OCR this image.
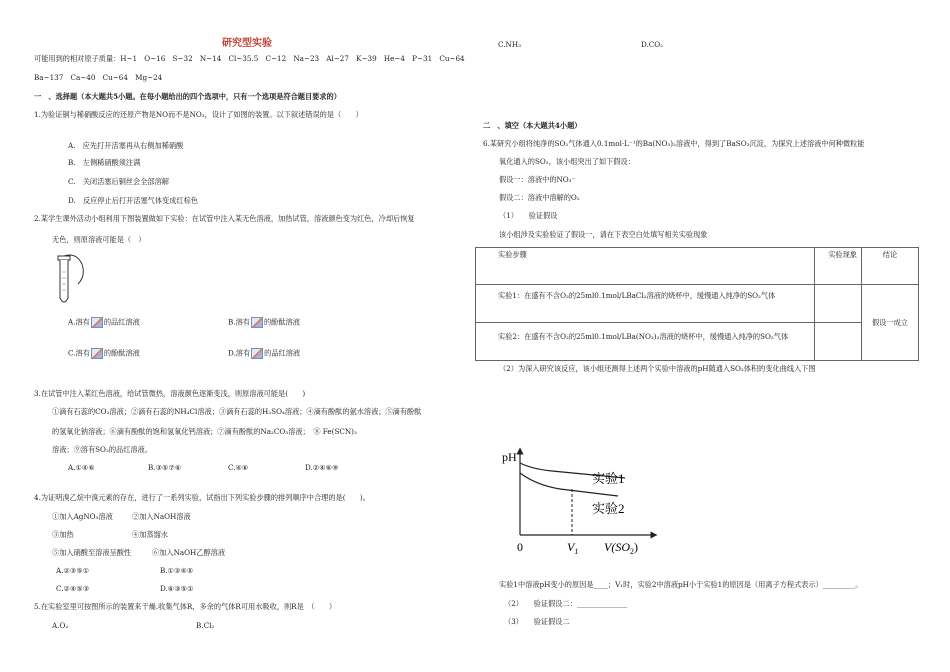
研究型实验
可能用到的相对原子质量：H~1　O~16　S~32　N~14　Cl~35.5　C~12　Na~23　Al~27　K~39　He~4　P~31　Cu~64
Ba~137　Ca~40　Cu~64　Mg~24
一　、选择题（本大题共5小题。在每小题给出的四个选项中，只有一个选项是符合题目要求的）
1.为验证铜与稀硝酸反应的还原产物是NO而不是NO₂，设计了如图的装置。以下叙述错误的是（　　）
A.　应先打开活塞再从右侧加稀硝酸
B.　左侧稀硝酸须注满
C.　关闭活塞后铜丝会全部溶解
D.　反应停止后打开活塞气体变成红棕色
2.某学生课外活动小组利用下图装置做如下实验：在试管中注入某无色溶液，加热试管，溶液颜色变为红色，冷却后恢复
无色，则原溶液可能是（　）
A.溶有 的品红溶液	B.溶有 的酚酞溶液
C.溶有 的酚酞溶液	D.溶有 的品红溶液
3.在试管中注入某红色溶液，给试管微热，溶液颜色逐渐变浅，则原溶液可能是(　　)
①滴有石蕊的CO₂溶液；②滴有石蕊的NH₄Cl溶液；③滴有石蕊的H₂SO₄溶液；④滴有酚酞的氨水溶液；⑤滴有酚酞
的氢氧化钠溶液；⑥滴有酚酞的饱和氢氧化钙溶液；⑦滴有酚酞的Na₂CO₃溶液；　⑧ Fe(SCN)₃
溶液；⑨溶有SO₂的品红溶液。
A.①④⑥	B.③⑤⑦⑥	C.④⑥	D.②④⑥⑨
4.为证明溴乙烷中溴元素的存在，进行了一系列实验，试指出下列实验步骤的排列顺序中合理的是(　　)。
①加入AgNO₃溶液	②加入NaOH溶液
③加热	④加蒸馏水
⑤加入硝酸至溶液呈酸性	⑥加入NaOH乙醇溶液
A.②③⑤①	B.①③④⑤
C.②④⑤③	D.⑥③⑤①
5.在实验室里可按图所示的装置来干燥.收集气体R，多余的气体R可用水吸收，则R是　（　　）
A.O₂	B.Cl₂
C.NH₃	D.CO₂
二　、填空（本大题共4小题）
6.某研究小组将纯净的SO₂气体通入0.1mol·L⁻¹的Ba(NO₃)₂溶液中，得到了BaSO₃沉淀，为探究上述溶液中何种微粒能
氧化通入的SO₂，该小组突出了如下假设：
假设一：溶液中的NO₃⁻
假设二：溶液中溶解的O₂
（1）　　验证假设
该小组涉及实验验证了假设一，请在下表空白处填写相关实验现象
实验步骤	实验现象	结论

实验1：在盛有不含O₂的25ml0.1mol/LBaCl₂溶液的烧杯中，缓慢通入纯净的SO₂气体		假设一成立

实验2：在盛有不含O₂的25ml0.1mol/LBa(NO₃)₂溶液的烧杯中，缓慢通入纯净的SO₂气体		

（2）为深入研究该反应，该小组还测得上述两个实验中溶液的pH随通入SO₂体积的变化曲线入下图
pH
实验1
实验2
0	$V_1$ $V(SO_2)$
实验1中溶液pH变小的原因是____；V₁时，实验2中溶液pH小于实验1的原因是（用离子方程式表示）_________。
（2）　　验证假设二：______________
（3）　　验证假设二
